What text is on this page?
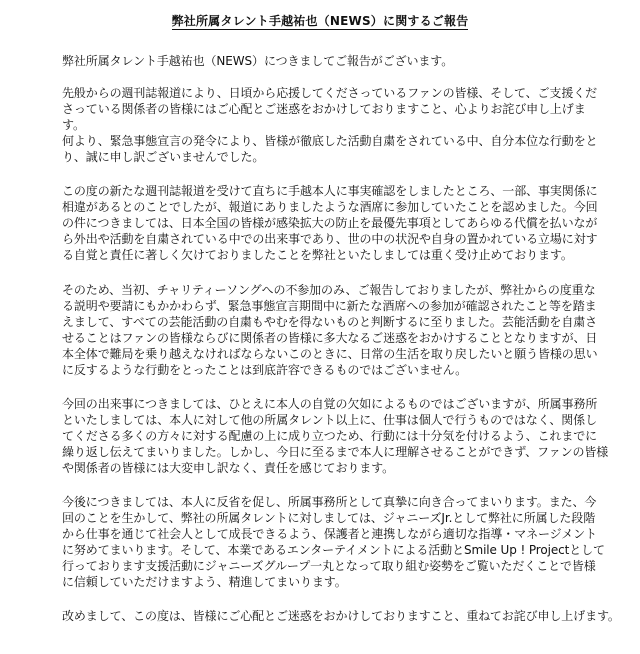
弊社所属タレント手越祐也（NEWS）に関するご報告
弊社所属タレント手越祐也（NEWS）につきましてご報告がございます。
先般からの週刊誌報道により、日頃から応援してくださっているファンの皆様、そして、ご支援くだ
さっている関係者の皆様にはご心配とご迷惑をおかけしておりますこと、心よりお詫び申し上げま
す。
何より、緊急事態宣言の発令により、皆様が徹底した活動自粛をされている中、自分本位な行動をと
り、誠に申し訳ございませんでした。
この度の新たな週刊誌報道を受けて直ちに手越本人に事実確認をしましたところ、一部、事実関係に
相違があるとのことでしたが、報道にありましたような酒席に参加していたことを認めました。今回
の件につきましては、日本全国の皆様が感染拡大の防止を最優先事項としてあらゆる代償を払いなが
ら外出や活動を自粛されている中での出来事であり、世の中の状況や自身の置かれている立場に対す
る自覚と責任に著しく欠けておりましたことを弊社といたしましては重く受け止めております。
そのため、当初、チャリティーソングへの不参加のみ、ご報告しておりましたが、弊社からの度重な
る説明や要請にもかかわらず、緊急事態宣言期間中に新たな酒席への参加が確認されたこと等を踏ま
えまして、すべての芸能活動の自粛もやむを得ないものと判断するに至りました。芸能活動を自粛さ
せることはファンの皆様ならびに関係者の皆様に多大なるご迷惑をおかけすることとなりますが、日
本全体で難局を乗り越えなければならないこのときに、日常の生活を取り戻したいと願う皆様の思い
に反するような行動をとったことは到底許容できるものではございません。
今回の出来事につきましては、ひとえに本人の自覚の欠如によるものではございますが、所属事務所
といたしましては、本人に対して他の所属タレント以上に、仕事は個人で行うものではなく、関係し
てくださる多くの方々に対する配慮の上に成り立つため、行動には十分気を付けるよう、これまでに
繰り返し伝えてまいりました。しかし、今日に至るまで本人に理解させることができず、ファンの皆様
や関係者の皆様には大変申し訳なく、責任を感じております。
今後につきましては、本人に反省を促し、所属事務所として真摯に向き合ってまいります。また、今
回のことを生かして、弊社の所属タレントに対しましては、ジャニーズJr.として弊社に所属した段階
から仕事を通じて社会人として成長できるよう、保護者と連携しながら適切な指導・マネージメント
に努めてまいります。そして、本業であるエンターテイメントによる活動とSmile Up ! Projectとして
行っております支援活動にジャニーズグループ一丸となって取り組む姿勢をご覧いただくことで皆様
に信頼していただけますよう、精進してまいります。
改めまして、この度は、皆様にご心配とご迷惑をおかけしておりますこと、重ねてお詫び申し上げます。
